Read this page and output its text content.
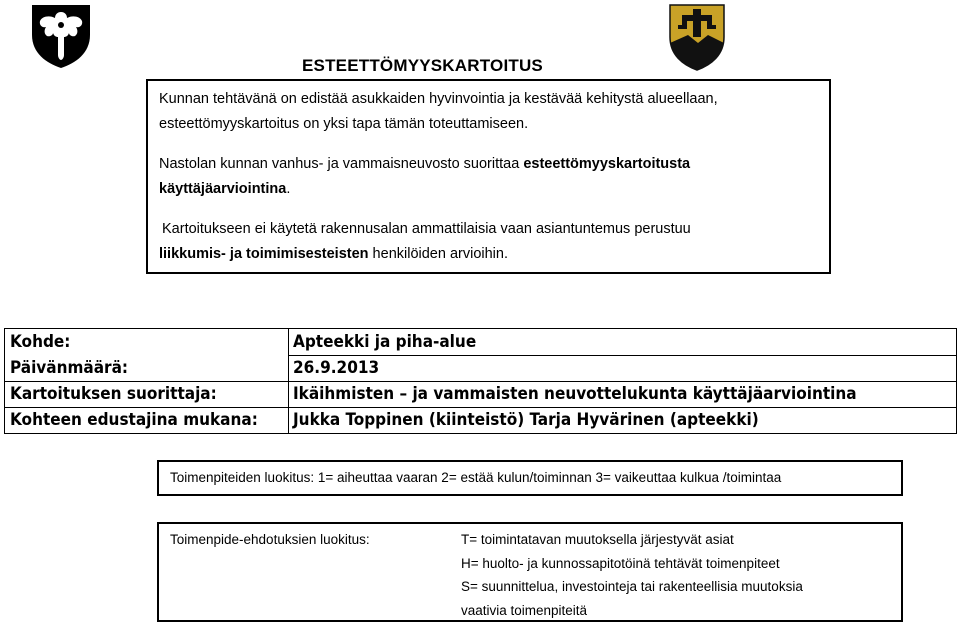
ESTEETTÖMYYSKARTOITUS

Kunnan tehtävänä on edistää asukkaiden hyvinvointia ja kestävää kehitystä alueellaan,
esteettömyyskartoitus on yksi tapa tämän toteuttamiseen.

Nastolan kunnan vanhus- ja vammaisneuvosto suorittaa esteettömyyskartoitusta
käyttäjäarviointina.

Kartoitukseen ei käytetä rakennusalan ammattilaisia vaan asiantuntemus perustuu
liikkumis- ja toimimisesteisten henkilöiden arvioihin.

Kohde:	Apteekki ja piha-alue
Päivänmäärä:	26.9.2013
Kartoituksen suorittaja:	Ikäihmisten – ja vammaisten neuvottelukunta käyttäjäarviointina
Kohteen edustajina mukana:	Jukka Toppinen (kiinteistö) Tarja Hyvärinen (apteekki)
Toimenpiteiden luokitus: 1= aiheuttaa vaaran 2= estää kulun/toiminnan 3= vaikeuttaa kulkua /toimintaa
Toimenpide-ehdotuksien luokitus:	T= toimintatavan muutoksella järjestyvät asiat
H= huolto- ja kunnossapitotöinä tehtävät toimenpiteet
S= suunnittelua, investointeja tai rakenteellisia muutoksia
vaativia toimenpiteitä
